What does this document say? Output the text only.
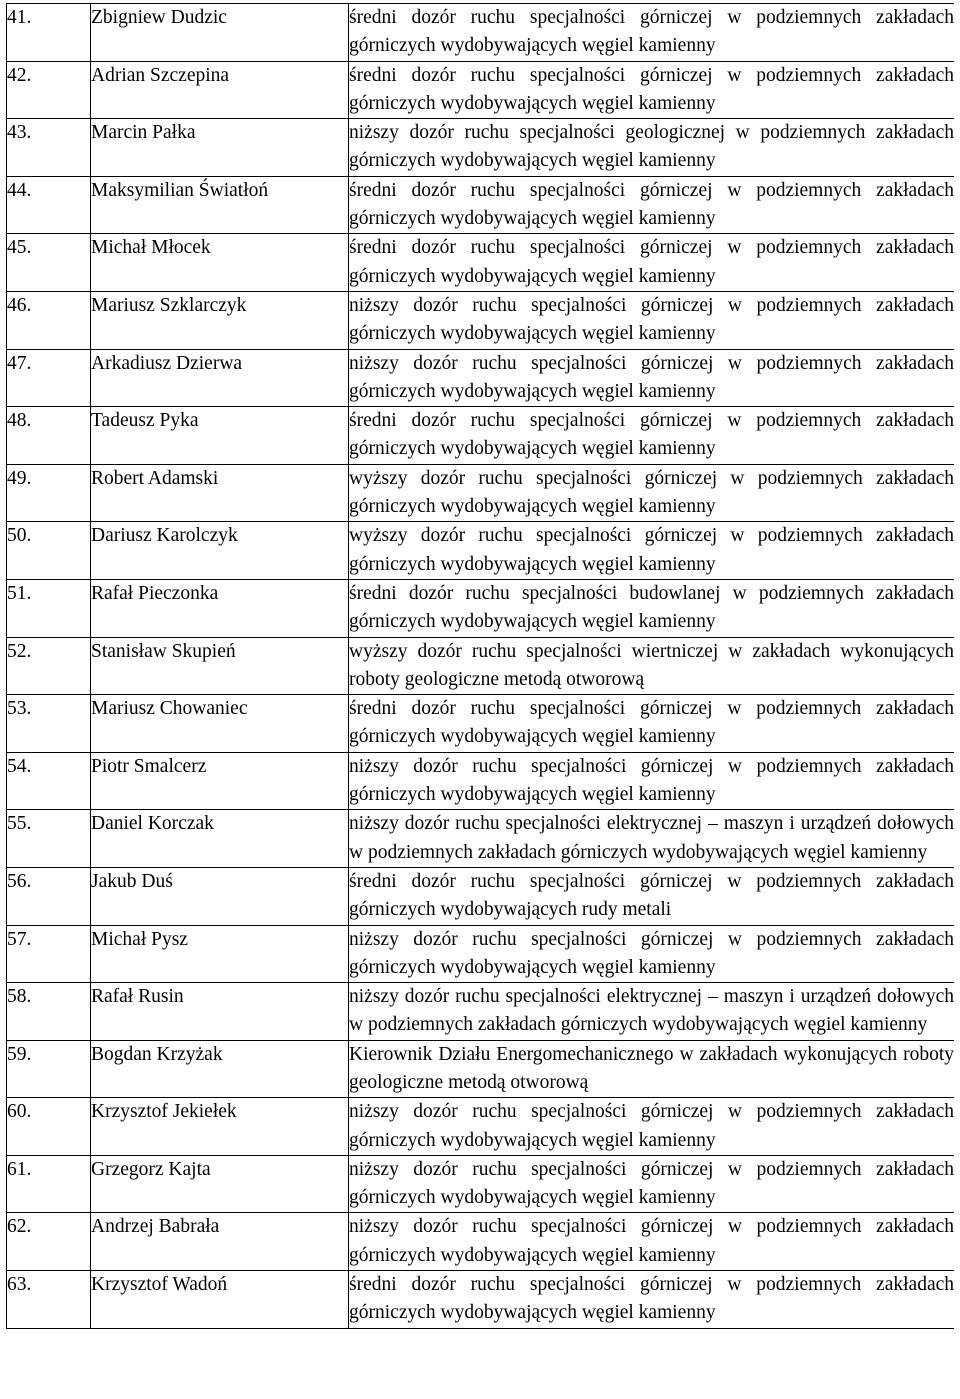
41.	Zbigniew Dudzic	średni dozór ruchu specjalności górniczej w podziemnych zakładach górniczych wydobywających węgiel kamienny
42.	Adrian Szczepina	średni dozór ruchu specjalności górniczej w podziemnych zakładach górniczych wydobywających węgiel kamienny
43.	Marcin Pałka	niższy dozór ruchu specjalności geologicznej w podziemnych zakładach górniczych wydobywających węgiel kamienny
44.	Maksymilian Światłoń	średni dozór ruchu specjalności górniczej w podziemnych zakładach górniczych wydobywających węgiel kamienny
45.	Michał Młocek	średni dozór ruchu specjalności górniczej w podziemnych zakładach górniczych wydobywających węgiel kamienny
46.	Mariusz Szklarczyk	niższy dozór ruchu specjalności górniczej w podziemnych zakładach górniczych wydobywających węgiel kamienny
47.	Arkadiusz Dzierwa	niższy dozór ruchu specjalności górniczej w podziemnych zakładach górniczych wydobywających węgiel kamienny
48.	Tadeusz Pyka	średni dozór ruchu specjalności górniczej w podziemnych zakładach górniczych wydobywających węgiel kamienny
49.	Robert Adamski	wyższy dozór ruchu specjalności górniczej w podziemnych zakładach górniczych wydobywających węgiel kamienny
50.	Dariusz Karolczyk	wyższy dozór ruchu specjalności górniczej w podziemnych zakładach górniczych wydobywających węgiel kamienny
51.	Rafał Pieczonka	średni dozór ruchu specjalności budowlanej w podziemnych zakładach górniczych wydobywających węgiel kamienny
52.	Stanisław Skupień	wyższy dozór ruchu specjalności wiertniczej w zakładach wykonujących roboty geologiczne metodą otworową
53.	Mariusz Chowaniec	średni dozór ruchu specjalności górniczej w podziemnych zakładach górniczych wydobywających węgiel kamienny
54.	Piotr Smalcerz	niższy dozór ruchu specjalności górniczej w podziemnych zakładach górniczych wydobywających węgiel kamienny
55.	Daniel Korczak	niższy dozór ruchu specjalności elektrycznej – maszyn i urządzeń dołowych w podziemnych zakładach górniczych wydobywających węgiel kamienny
56.	Jakub Duś	średni dozór ruchu specjalności górniczej w podziemnych zakładach górniczych wydobywających rudy metali
57.	Michał Pysz	niższy dozór ruchu specjalności górniczej w podziemnych zakładach górniczych wydobywających węgiel kamienny
58.	Rafał Rusin	niższy dozór ruchu specjalności elektrycznej – maszyn i urządzeń dołowych w podziemnych zakładach górniczych wydobywających węgiel kamienny
59.	Bogdan Krzyżak	Kierownik Działu Energomechanicznego w zakładach wykonujących roboty geologiczne metodą otworową
60.	Krzysztof Jekiełek	niższy dozór ruchu specjalności górniczej w podziemnych zakładach górniczych wydobywających węgiel kamienny
61.	Grzegorz Kajta	niższy dozór ruchu specjalności górniczej w podziemnych zakładach górniczych wydobywających węgiel kamienny
62.	Andrzej Babrała	niższy dozór ruchu specjalności górniczej w podziemnych zakładach górniczych wydobywających węgiel kamienny
63.	Krzysztof Wadoń	średni dozór ruchu specjalności górniczej w podziemnych zakładach górniczych wydobywających węgiel kamienny
